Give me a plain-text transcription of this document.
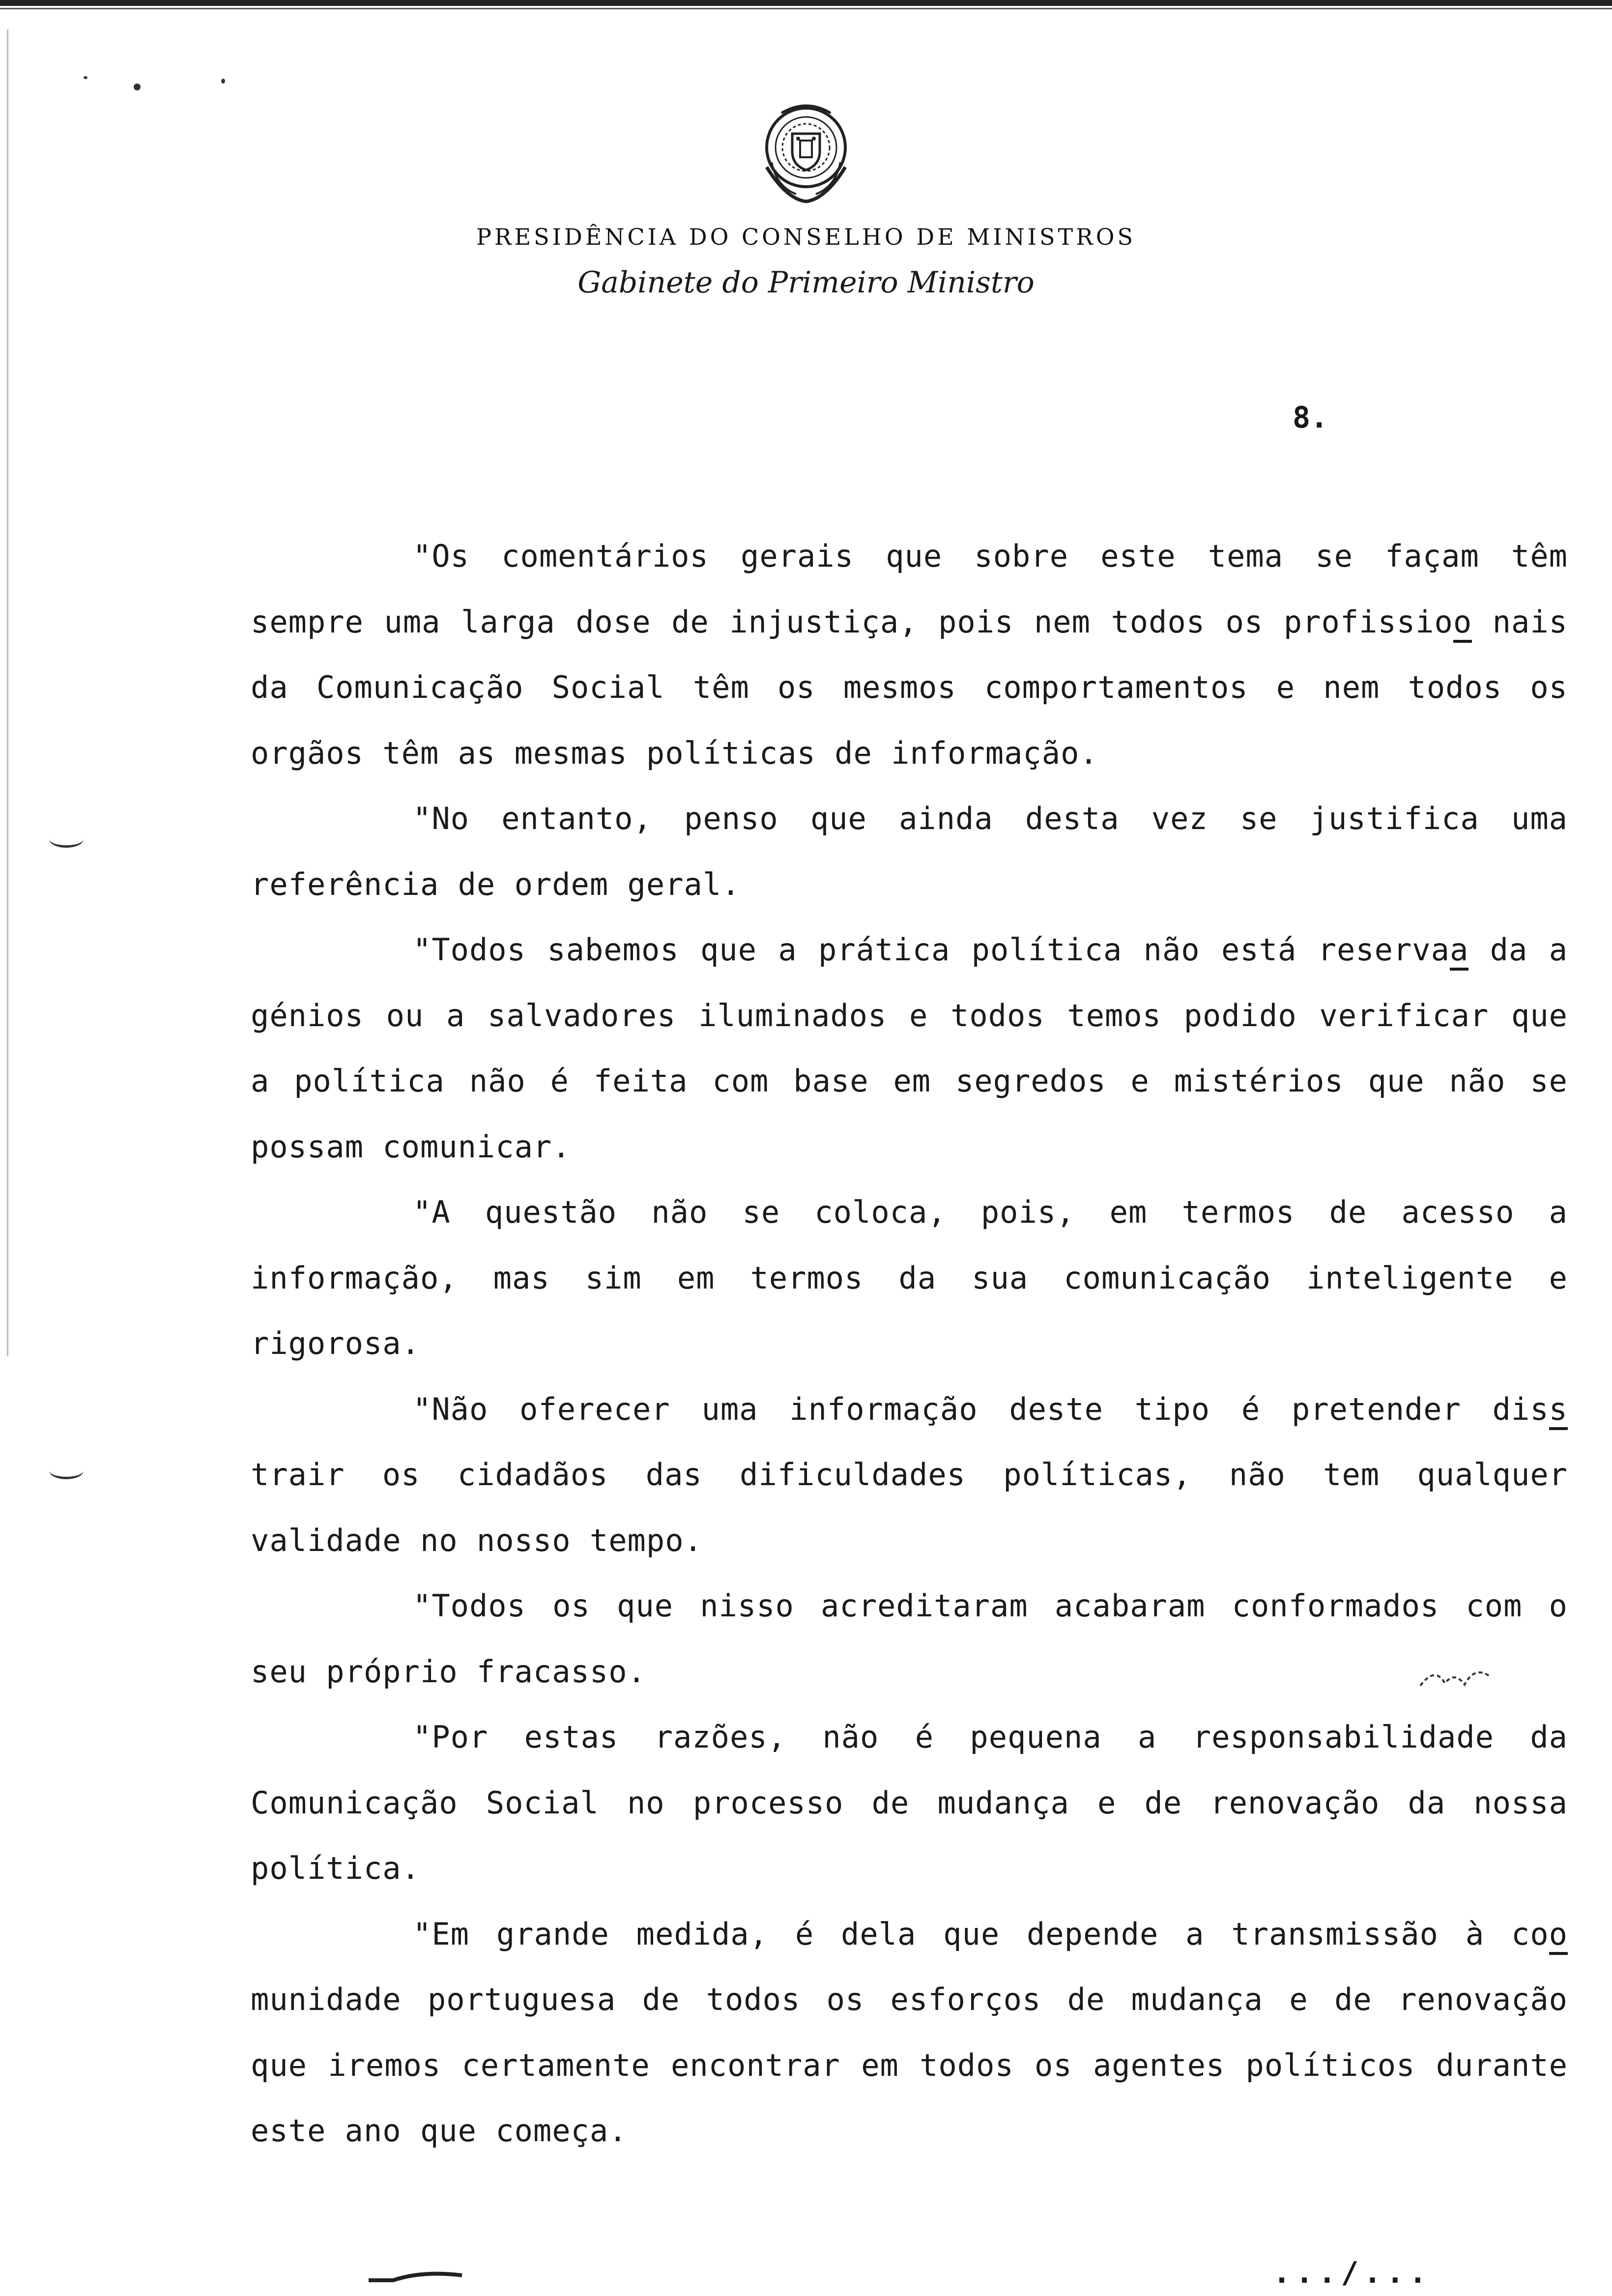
PRESIDÊNCIA DO CONSELHO DE MINISTROS
Gabinete do Primeiro Ministro
8.

"Os comentários gerais que sobre este tema se façam têm sempre uma larga dose de injustiça, pois nem todos os profissioo nais da Comunicação Social têm os mesmos comportamentos e nem todos os orgãos têm as mesmas políticas de informação.

"No entanto, penso que ainda desta vez se justifica uma referência de ordem geral.

"Todos sabemos que a prática política não está reservaa da a génios ou a salvadores iluminados e todos temos podido verificar que a política não é feita com base em segredos e mistérios que não se possam comunicar.

"A questão não se coloca, pois, em termos de acesso a informação, mas sim em termos da sua comunicação inteligente e rigorosa.

"Não oferecer uma informação deste tipo é pretender diss trair os cidadãos das dificuldades políticas, não tem qualquer validade no nosso tempo.

"Todos os que nisso acreditaram acabaram conformados com o seu próprio fracasso.

"Por estas razões, não é pequena a responsabilidade da Comunicação Social no processo de mudança e de renovação da nossa política.

"Em grande medida, é dela que depende a transmissão à coo munidade portuguesa de todos os esforços de mudança e de renovação que iremos certamente encontrar em todos os agentes políticos durante este ano que começa.

.../...
